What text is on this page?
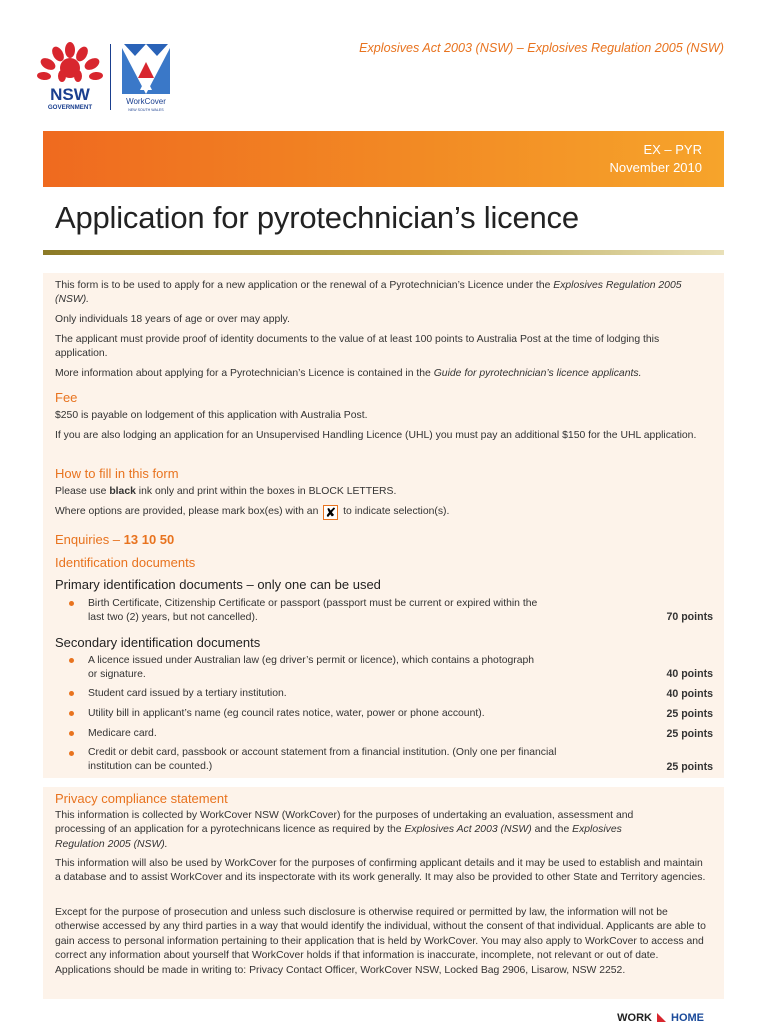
NSW
GOVERNMENT
WorkCover
NEW SOUTH WALES
Explosives Act 2003 (NSW) – Explosives Regulation 2005 (NSW)
EX – PYR
November 2010
Application for pyrotechnician’s licence
This form is to be used to apply for a new application or the renewal of a Pyrotechnician’s Licence under the Explosives Regulation 2005 (NSW).
Only individuals 18 years of age or over may apply.
The applicant must provide proof of identity documents to the value of at least 100 points to Australia Post at the time of lodging this application.
More information about applying for a Pyrotechnician’s Licence is contained in the Guide for pyrotechnician’s licence applicants.
Fee
$250 is payable on lodgement of this application with Australia Post.
If you are also lodging an application for an Unsupervised Handling Licence (UHL) you must pay an additional $150 for the UHL application.
How to fill in this form
Please use black ink only and print within the boxes in BLOCK LETTERS.
Where options are provided, please mark box(es) with an ✘ to indicate selection(s).
Enquiries – 13 10 50
Identification documents
Primary identification documents – only one can be used
Birth Certificate, Citizenship Certificate or passport (passport must be current or expired within the
last two (2) years, but not cancelled).	70 points
Secondary identification documents
A licence issued under Australian law (eg driver’s permit or licence), which contains a photograph
or signature.	40 points
Student card issued by a tertiary institution.	40 points
Utility bill in applicant’s name (eg council rates notice, water, power or phone account).	25 points
Medicare card.	25 points
Credit or debit card, passbook or account statement from a financial institution. (Only one per financial
institution can be counted.)	25 points
Privacy compliance statement
This information is collected by WorkCover NSW (WorkCover) for the purposes of undertaking an evaluation, assessment and
processing of an application for a pyrotechnicans licence as required by the Explosives Act 2003 (NSW) and the Explosives
Regulation 2005 (NSW).
This information will also be used by WorkCover for the purposes of confirming applicant details and it may be used to establish and maintain a database and to assist WorkCover and its inspectorate with its work generally. It may also be provided to other State and Territory agencies.
Except for the purpose of prosecution and unless such disclosure is otherwise required or permitted by law, the information will not be otherwise accessed by any third parties in a way that would identify the individual, without the consent of that individual. Applicants are able to gain access to personal information pertaining to their application that is held by WorkCover. You may also apply to WorkCover to access and correct any information about yourself that WorkCover holds if that information is inaccurate, incomplete, not relevant or out of date. Applications should be made in writing to: Privacy Contact Officer, WorkCover NSW, Locked Bag 2906, Lisarow, NSW 2252.
WORK HOME
